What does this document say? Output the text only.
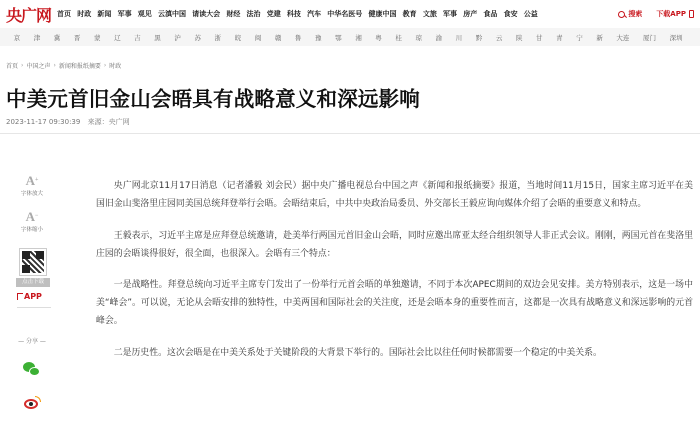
央广网 首页 时政 新闻 军事 观见 云滇中国 请读大会 财经 法治 党建 科技 汽车 中华名医号 健康中国 教育 文旅 军事 房产 食品 食安 公益	搜索 下载APP
京 津 冀 晋 蒙 辽 吉 黑 沪 苏 浙 皖 闽 赣 鲁 豫 鄂 湘 粤 桂 琼 渝 川 黔 云 陕 甘 青 宁 新 大连 厦门 深圳
首页 › 中国之声 › 新闻和报纸摘要 › 时政
中美元首旧金山会晤具有战略意义和深远影响
2023-11-17 09:30:39 来源：央广网
A+
字体放大
A−
字体缩小
点击下载
APP
— 分享 —

央广网北京11月17日消息（记者潘毅 刘会民）据中央广播电视总台中国之声《新闻和报纸摘要》报道，当地时间11月15日，国家主席习近平在美国旧金山斐洛里庄园同美国总统拜登举行会晤。会晤结束后，中共中央政治局委员、外交部长王毅应询向媒体介绍了会晤的重要意义和特点。

王毅表示，习近平主席是应拜登总统邀请，赴美举行两国元首旧金山会晤，同时应邀出席亚太经合组织领导人非正式会议。刚刚，两国元首在斐洛里庄园的会晤谈得很好，很全面，也很深入。会晤有三个特点：

一是战略性。拜登总统向习近平主席专门发出了一份举行元首会晤的单独邀请，不同于本次APEC期间的双边会见安排。美方特别表示，这是一场中美“峰会”。可以说，无论从会晤安排的独特性，中美两国和国际社会的关注度，还是会晤本身的重要性而言，这都是一次具有战略意义和深远影响的元首峰会。

二是历史性。这次会晤是在中美关系处于关键阶段的大背景下举行的。国际社会比以往任何时候都需要一个稳定的中美关系。
